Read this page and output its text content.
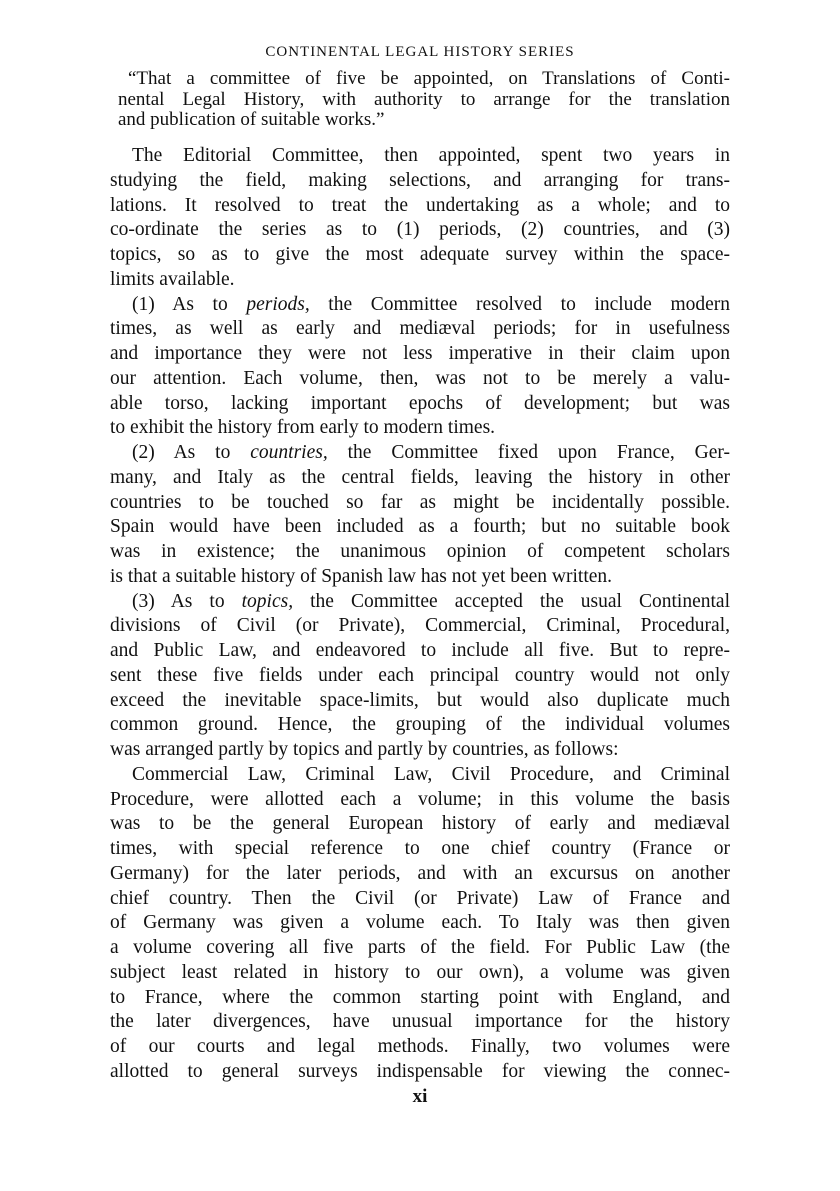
CONTINENTAL LEGAL HISTORY SERIES
“That a committee of five be appointed, on Translations of Conti-
nental Legal History, with authority to arrange for the translation
and publication of suitable works.”
The Editorial Committee, then appointed, spent two years in
studying the field, making selections, and arranging for trans-
lations. It resolved to treat the undertaking as a whole; and to
co-ordinate the series as to (1) periods, (2) countries, and (3)
topics, so as to give the most adequate survey within the space-
limits available.
(1) As to periods, the Committee resolved to include modern
times, as well as early and mediæval periods; for in usefulness
and importance they were not less imperative in their claim upon
our attention. Each volume, then, was not to be merely a valu-
able torso, lacking important epochs of development; but was
to exhibit the history from early to modern times.
(2) As to countries, the Committee fixed upon France, Ger-
many, and Italy as the central fields, leaving the history in other
countries to be touched so far as might be incidentally possible.
Spain would have been included as a fourth; but no suitable book
was in existence; the unanimous opinion of competent scholars
is that a suitable history of Spanish law has not yet been written.
(3) As to topics, the Committee accepted the usual Continental
divisions of Civil (or Private), Commercial, Criminal, Procedural,
and Public Law, and endeavored to include all five. But to repre-
sent these five fields under each principal country would not only
exceed the inevitable space-limits, but would also duplicate much
common ground. Hence, the grouping of the individual volumes
was arranged partly by topics and partly by countries, as follows:
Commercial Law, Criminal Law, Civil Procedure, and Criminal
Procedure, were allotted each a volume; in this volume the basis
was to be the general European history of early and mediæval
times, with special reference to one chief country (France or
Germany) for the later periods, and with an excursus on another
chief country. Then the Civil (or Private) Law of France and
of Germany was given a volume each. To Italy was then given
a volume covering all five parts of the field. For Public Law (the
subject least related in history to our own), a volume was given
to France, where the common starting point with England, and
the later divergences, have unusual importance for the history
of our courts and legal methods. Finally, two volumes were
allotted to general surveys indispensable for viewing the connec-
xi
